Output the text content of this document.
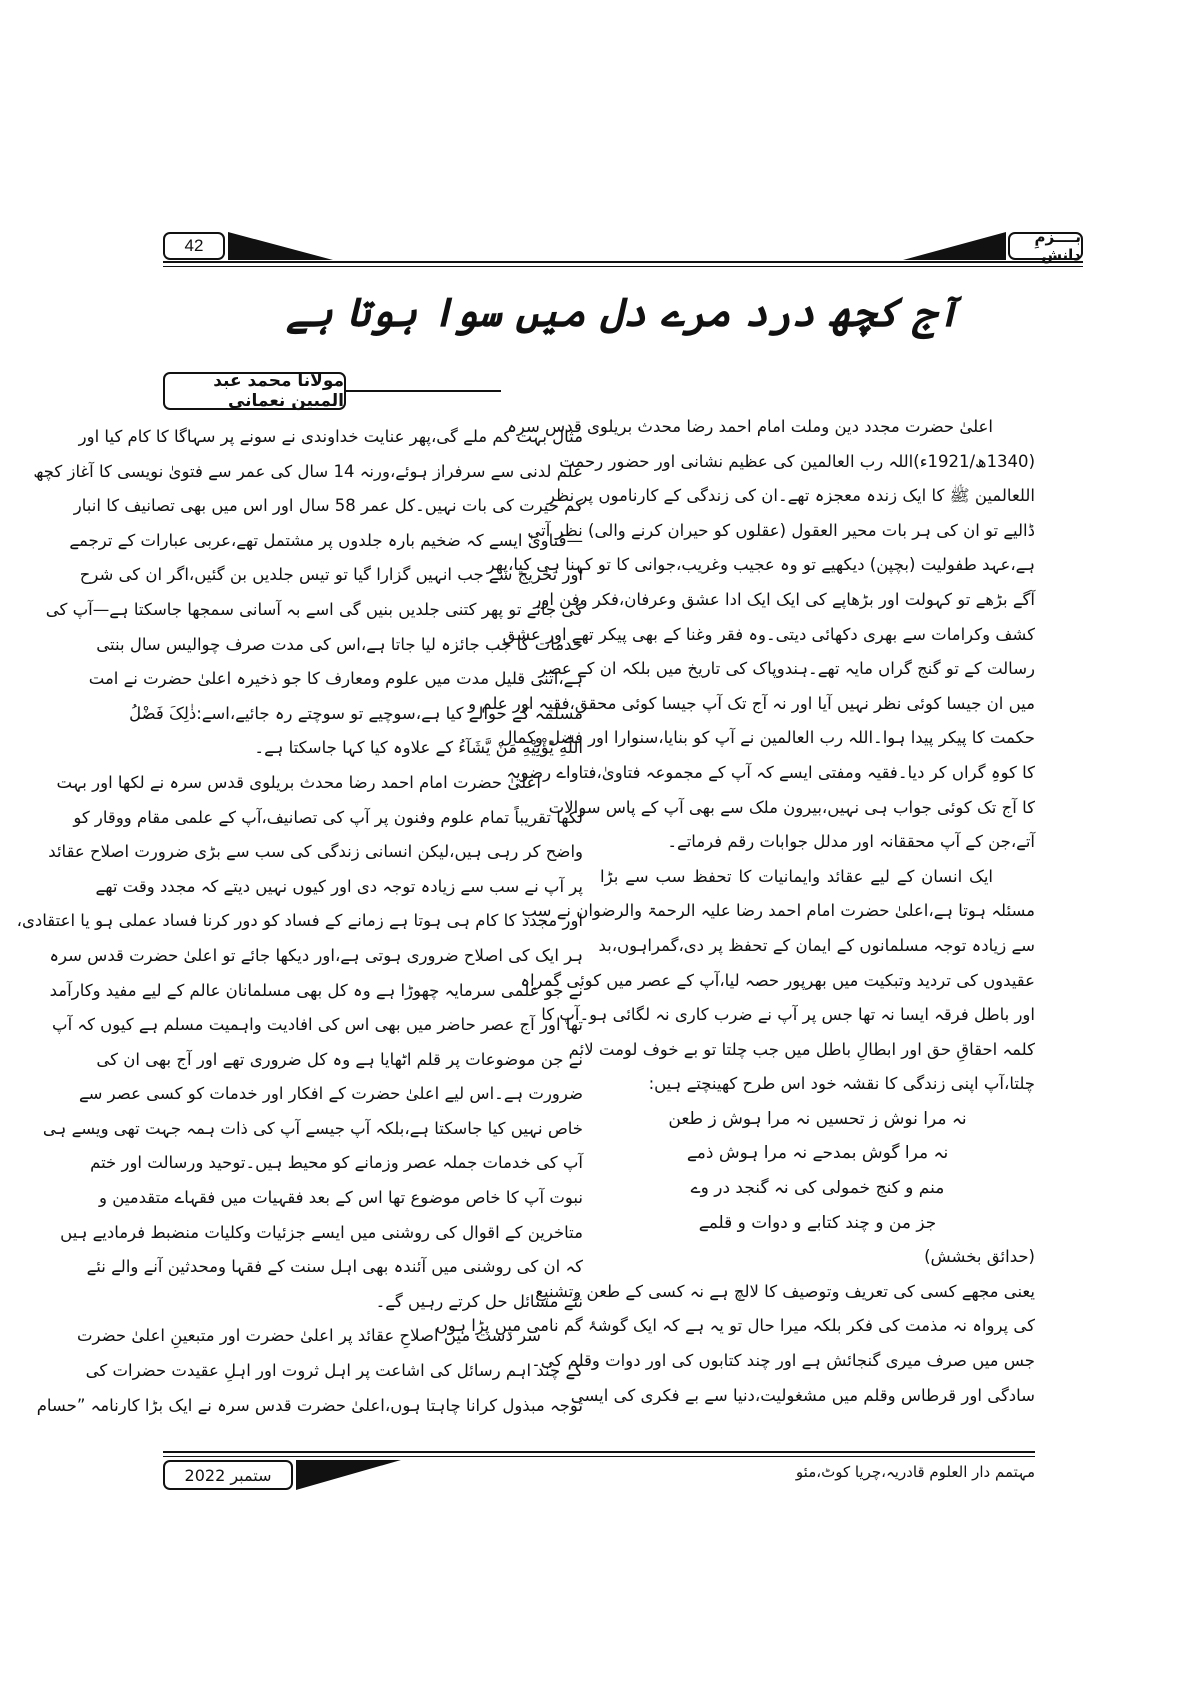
42	بــــزمِ دانش
آج کچھ درد مرے دل میں سوا ہوتا ہے
مولانا محمد عبد المبین نعمانی
اعلیٰ حضرت مجدد دین وملت امام احمد رضا محدث بریلوی قدس سرہ
(1340ھ/1921ء)اللہ رب العالمین کی عظیم نشانی اور حضور رحمت
اللعالمین ﷺ کا ایک زندہ معجزہ تھے۔ان کی زندگی کے کارناموں پر نظر
ڈالیے تو ان کی ہر بات محیر العقول (عقلوں کو حیران کرنے والی) نظر آتی
ہے،عہد طفولیت (بچپن) دیکھیے تو وہ عجیب وغریب،جوانی کا تو کہنا ہی کیا،پھر
آگے بڑھے تو کہولت اور بڑھاپے کی ایک ایک ادا عشق وعرفان،فکر وفن اور
کشف وکرامات سے بھری دکھائی دیتی۔وہ فقر وغنا کے بھی پیکر تھے اور عشقِ
رسالت کے تو گنج گراں مایہ تھے۔ہندوپاک کی تاریخ میں بلکہ ان کے عصر
میں ان جیسا کوئی نظر نہیں آیا اور نہ آج تک آپ جیسا کوئی محقق،فقیہ اور علم و
حکمت کا پیکر پیدا ہوا۔اللہ رب العالمین نے آپ کو بنایا،سنوارا اور فضل وکمال
کا کوہِ گراں کر دیا۔فقیہ ومفتی ایسے کہ آپ کے مجموعہ فتاویٰ،فتاواے رضویہ
کا آج تک کوئی جواب ہی نہیں،بیرون ملک سے بھی آپ کے پاس سوالات
آتے،جن کے آپ محققانہ اور مدلل جوابات رقم فرماتے۔
ایک انسان کے لیے عقائد وایمانیات کا تحفظ سب سے بڑا
مسئلہ ہوتا ہے،اعلیٰ حضرت امام احمد رضا علیہ الرحمۃ والرضوان نے سب
سے زیادہ توجہ مسلمانوں کے ایمان کے تحفظ پر دی،گمراہوں،بد
عقیدوں کی تردید وتبکیت میں بھرپور حصہ لیا،آپ کے عصر میں کوئی گمراہ
اور باطل فرقہ ایسا نہ تھا جس پر آپ نے ضرب کاری نہ لگائی ہو۔آپ کا
کلمہ احقاقِ حق اور ابطالِ باطل میں جب چلتا تو بے خوف لومت لائم
چلتا،آپ اپنی زندگی کا نقشہ خود اس طرح کھینچتے ہیں:
نہ مرا نوش ز تحسیں نہ مرا ہوش ز طعن
نہ مرا گوش بمدحے نہ مرا ہوش ذمے
منم و کنج خمولی کی نہ گنجد در وے
جز من و چند کتابے و دوات و قلمے
(حدائق بخشش)
یعنی مجھے کسی کی تعریف وتوصیف کا لالچ ہے نہ کسی کے طعن وتشنیع
کی پرواہ نہ مذمت کی فکر بلکہ میرا حال تو یہ ہے کہ ایک گوشۂ گم نامی میں پڑا ہوں
جس میں صرف میری گنجائش ہے اور چند کتابوں کی اور دوات وقلم کی۔
سادگی اور قرطاس وقلم میں مشغولیت،دنیا سے بے فکری کی ایسی
مثال بہت کم ملے گی،پھر عنایت خداوندی نے سونے پر سہاگا کا کام کیا اور
علم لدنی سے سرفراز ہوئے،ورنہ 14 سال کی عمر سے فتویٰ نویسی کا آغاز کچھ
کم حیرت کی بات نہیں۔کل عمر 58 سال اور اس میں بھی تصانیف کا انبار
—فتاویٰ ایسے کہ ضخیم بارہ جلدوں پر مشتمل تھے،عربی عبارات کے ترجمے
اور تخریج سے جب انہیں گزارا گیا تو تیس جلدیں بن گئیں،اگر ان کی شرح
کی جائے تو پھر کتنی جلدیں بنیں گی اسے بہ آسانی سمجھا جاسکتا ہے—آپ کی
خدمات کا جب جائزہ لیا جاتا ہے،اس کی مدت صرف چوالیس سال بنتی
ہے،اتنی قلیل مدت میں علوم ومعارف کا جو ذخیرہ اعلیٰ حضرت نے امت
مسلمہ کے حوالے کیا ہے،سوچیے تو سوچتے رہ جائیے،اسے:ذٰلِکَ فَضْلُ
اللّٰهِ يُؤْتِيْهِ مَنْ يَّشَآءُ کے علاوہ کیا کہا جاسکتا ہے۔
اعلیٰ حضرت امام احمد رضا محدث بریلوی قدس سرہ نے لکھا اور بہت
لکھا تقریباً تمام علوم وفنون پر آپ کی تصانیف،آپ کے علمی مقام ووقار کو
واضح کر رہی ہیں،لیکن انسانی زندگی کی سب سے بڑی ضرورت اصلاح عقائد
پر آپ نے سب سے زیادہ توجہ دی اور کیوں نہیں دیتے کہ مجدد وقت تھے
اور مجدد کا کام ہی ہوتا ہے زمانے کے فساد کو دور کرنا فساد عملی ہو یا اعتقادی،
ہر ایک کی اصلاح ضروری ہوتی ہے،اور دیکھا جائے تو اعلیٰ حضرت قدس سرہ
نے جو علمی سرمایہ چھوڑا ہے وہ کل بھی مسلمانان عالم کے لیے مفید وکارآمد
تھا اور آج عصر حاضر میں بھی اس کی افادیت واہمیت مسلم ہے کیوں کہ آپ
نے جن موضوعات پر قلم اٹھایا ہے وہ کل ضروری تھے اور آج بھی ان کی
ضرورت ہے۔اس لیے اعلیٰ حضرت کے افکار اور خدمات کو کسی عصر سے
خاص نہیں کیا جاسکتا ہے،بلکہ آپ جیسے آپ کی ذات ہمہ جہت تھی ویسے ہی
آپ کی خدمات جملہ عصر وزمانے کو محیط ہیں۔توحید ورسالت اور ختم
نبوت آپ کا خاص موضوع تھا اس کے بعد فقہیات میں فقہاے متقدمین و
متاخرین کے اقوال کی روشنی میں ایسے جزئیات وکلیات منضبط فرمادیے ہیں
کہ ان کی روشنی میں آئندہ بھی اہل سنت کے فقہا ومحدثین آنے والے نئے
نئے مسائل حل کرتے رہیں گے۔
سر دست میں اصلاحِ عقائد پر اعلیٰ حضرت اور متبعینِ اعلیٰ حضرت
کے چند اہم رسائل کی اشاعت پر اہل ثروت اور اہلِ عقیدت حضرات کی
توجہ مبذول کرانا چاہتا ہوں،اعلیٰ حضرت قدس سرہ نے ایک بڑا کارنامہ ”حسام
ستمبر 2022	مہتمم دار العلوم قادریہ،چریا کوٹ،مئو
